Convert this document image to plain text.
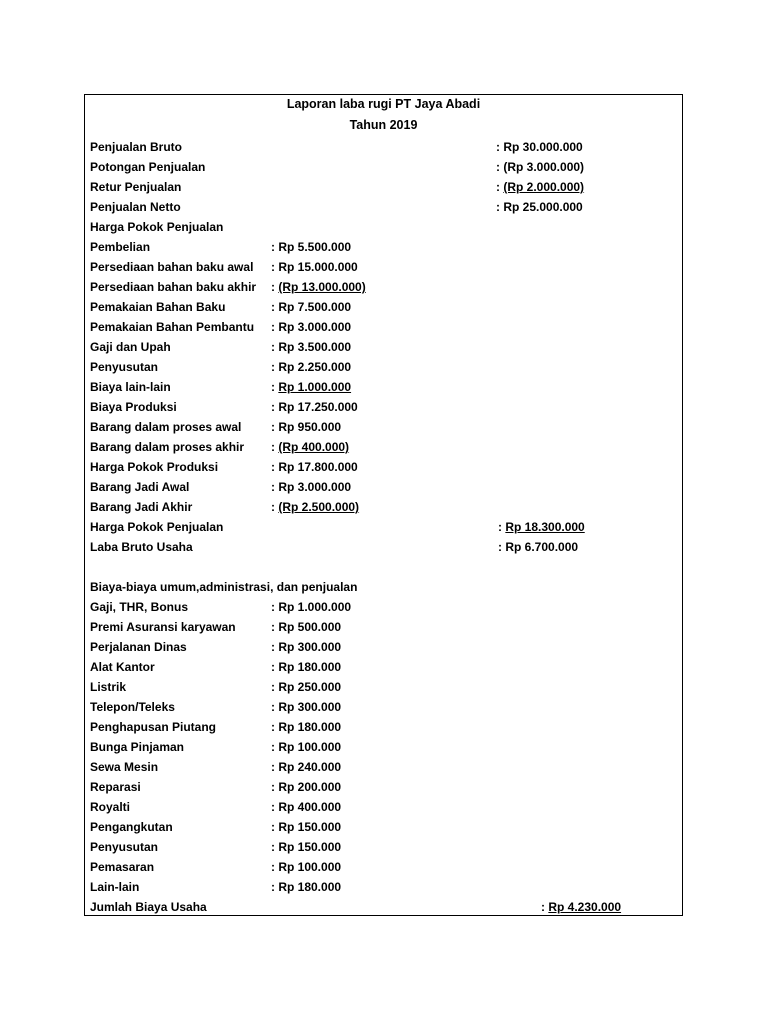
Laporan laba rugi PT Jaya Abadi
Tahun 2019
Penjualan Bruto	: Rp 30.000.000
Potongan Penjualan	: (Rp 3.000.000)
Retur Penjualan	: (Rp 2.000.000)
Penjualan Netto	: Rp 25.000.000
Harga Pokok Penjualan
Pembelian	: Rp 5.500.000
Persediaan bahan baku awal : Rp 15.000.000
Persediaan bahan baku akhir : (Rp 13.000.000)
Pemakaian Bahan Baku	: Rp 7.500.000
Pemakaian Bahan Pembantu : Rp 3.000.000
Gaji dan Upah	: Rp 3.500.000
Penyusutan	: Rp 2.250.000
Biaya lain-lain	: Rp 1.000.000
Biaya Produksi	: Rp 17.250.000
Barang dalam proses awal : Rp 950.000
Barang dalam proses akhir : (Rp 400.000)
Harga Pokok Produksi	: Rp 17.800.000
Barang Jadi Awal	: Rp 3.000.000
Barang Jadi Akhir	: (Rp 2.500.000)
Harga Pokok Penjualan	: Rp 18.300.000
Laba Bruto Usaha	: Rp 6.700.000
Biaya-biaya umum,administrasi, dan penjualan
Gaji, THR, Bonus	: Rp 1.000.000
Premi Asuransi karyawan	: Rp 500.000
Perjalanan Dinas	: Rp 300.000
Alat Kantor	: Rp 180.000
Listrik	: Rp 250.000
Telepon/Teleks	: Rp 300.000
Penghapusan Piutang	: Rp 180.000
Bunga Pinjaman	: Rp 100.000
Sewa Mesin	: Rp 240.000
Reparasi	: Rp 200.000
Royalti	: Rp 400.000
Pengangkutan	: Rp 150.000
Penyusutan	: Rp 150.000
Pemasaran	: Rp 100.000
Lain-lain	: Rp 180.000
Jumlah Biaya Usaha	: Rp 4.230.000
